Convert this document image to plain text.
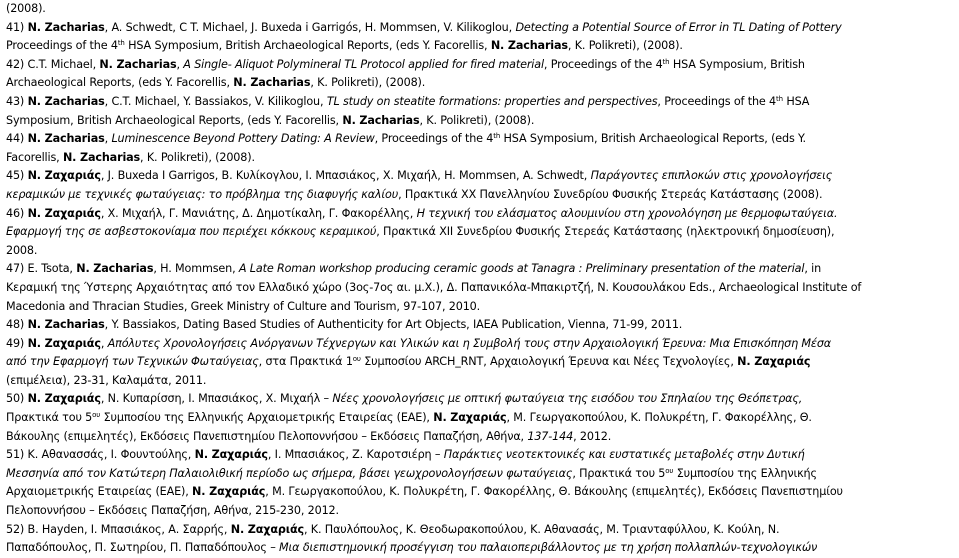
(2008).
41) N. Zacharias, A. Schwedt, C T. Michael, J. Buxeda i Garrigós, H. Mommsen, V. Kilikoglou, Detecting a Potential Source of Error in TL Dating of Pottery
Proceedings of the 4th HSA Symposium, British Archaeological Reports, (eds Y. Facorellis, N. Zacharias, K. Polikreti), (2008).
42) C.T. Michael, N. Zacharias, A Single- Aliquot Polymineral TL Protocol applied for fired material, Proceedings of the 4th HSA Symposium, British
Archaeological Reports, (eds Y. Facorellis, N. Zacharias, K. Polikreti), (2008).
43) N. Zacharias, C.T. Michael, Y. Bassiakos, V. Kilikoglou, TL study on steatite formations: properties and perspectives, Proceedings of the 4th HSA
Symposium, British Archaeological Reports, (eds Y. Facorellis, N. Zacharias, K. Polikreti), (2008).
44) N. Zacharias, Luminescence Beyond Pottery Dating: A Review, Proceedings of the 4th HSA Symposium, British Archaeological Reports, (eds Y.
Facorellis, N. Zacharias, K. Polikreti), (2008).
45) Ν. Ζαχαριάς, J. Buxeda I Garrigos, Β. Κυλίκογλου, Ι. Μπασιάκος, Χ. Μιχαήλ, H. Mommsen, A. Schwedt, Παράγοντες επιπλοκών στις χρονολογήσεις
κεραμικών με τεχνικές φωταύγειας: το πρόβλημα της διαφυγής καλίου, Πρακτικά ΧΧ Πανελληνίου Συνεδρίου Φυσικής Στερεάς Κατάστασης (2008).
46) Ν. Ζαχαριάς, Χ. Μιχαήλ, Γ. Μανιάτης, Δ. Δημοτίκαλη, Γ. Φακορέλλης, Η τεχνική του ελάσματος αλουμινίου στη χρονολόγηση με θερμοφωταύγεια.
Εφαρμογή της σε ασβεστοκονίαμα που περιέχει κόκκους κεραμικού, Πρακτικά XII Συνεδρίου Φυσικής Στερεάς Κατάστασης (ηλεκτρονική δημοσίευση),
2008.
47) E. Tsota, N. Zacharias, H. Mommsen, A Late Roman workshop producing ceramic goods at Tanagra : Preliminary presentation of the material, in
Κεραμική της Ύστερης Αρχαιότητας από τον Ελλαδικό χώρο (3ος-7ος αι. μ.Χ.), Δ. Παπανικόλα-Μπακιρτζή, Ν. Κουσουλάκου Eds., Archaeological Institute of
Macedonia and Thracian Studies, Greek Ministry of Culture and Tourism, 97-107, 2010.
48) N. Zacharias, Y. Bassiakos, Dating Based Studies of Authenticity for Art Objects, IAEA Publication, Vienna, 71-99, 2011.
49) Ν. Ζαχαριάς, Απόλυτες Χρονολογήσεις Ανόργανων Τέχνεργων και Υλικών και η Συμβολή τους στην Αρχαιολογική Έρευνα: Μια Επισκόπηση Μέσα
από την Εφαρμογή των Τεχνικών Φωταύγειας, στα Πρακτικά $1^{o\upsilon}$ Συμποσίου ARCH_RNT, Αρχαιολογική Έρευνα και Νέες Τεχνολογίες, Ν. Ζαχαριάς
(επιμέλεια), 23-31, Καλαμάτα, 2011.
50) Ν. Ζαχαριάς, Ν. Κυπαρίσση, Ι. Μπασιάκος, Χ. Μιχαήλ – Νέες χρονολογήσεις με οπτική φωταύγεια της εισόδου του Σπηλαίου της Θεόπετρας,
Πρακτικά του $5^{o\upsilon}$ Συμποσίου της Ελληνικής Αρχαιομετρικής Εταιρείας (ΕΑΕ), Ν. Ζαχαριάς, Μ. Γεωργακοπούλου, Κ. Πολυκρέτη, Γ. Φακορέλλης, Θ.
Βάκουλης (επιμελητές), Εκδόσεις Πανεπιστημίου Πελοποννήσου – Εκδόσεις Παπαζήση, Αθήνα, 137-144, 2012.
51) Κ. Αθανασσάς, Ι. Φουντούλης, Ν. Ζαχαριάς, Ι. Μπασιάκος, Ζ. Καροτσιέρη – Παράκτιες νεοτεκτονικές και ευστατικές μεταβολές στην Δυτική
Μεσσηνία από τον Κατώτερη Παλαιολιθική περίοδο ως σήμερα, βάσει γεωχρονολογήσεων φωταύγειας, Πρακτικά του $5^{o\upsilon}$ Συμποσίου της Ελληνικής
Αρχαιομετρικής Εταιρείας (ΕΑΕ), Ν. Ζαχαριάς, Μ. Γεωργακοπούλου, Κ. Πολυκρέτη, Γ. Φακορέλλης, Θ. Βάκουλης (επιμελητές), Εκδόσεις Πανεπιστημίου
Πελοποννήσου – Εκδόσεις Παπαζήση, Αθήνα, 215-230, 2012.
52) B. Hayden, Ι. Μπασιάκος, Α. Σαρρής, Ν. Ζαχαριάς, Κ. Παυλόπουλος, Κ. Θεοδωρακοπούλου, Κ. Αθανασάς, Μ. Τριανταφύλλου, Κ. Κούλη, Ν.
Παπαδόπουλος, Π. Σωτηρίου, Π. Παπαδόπουλος – Μια διεπιστημονική προσέγγιση του παλαιοπεριβάλλοντος με τη χρήση πολλαπλών-τεχνολογικών
